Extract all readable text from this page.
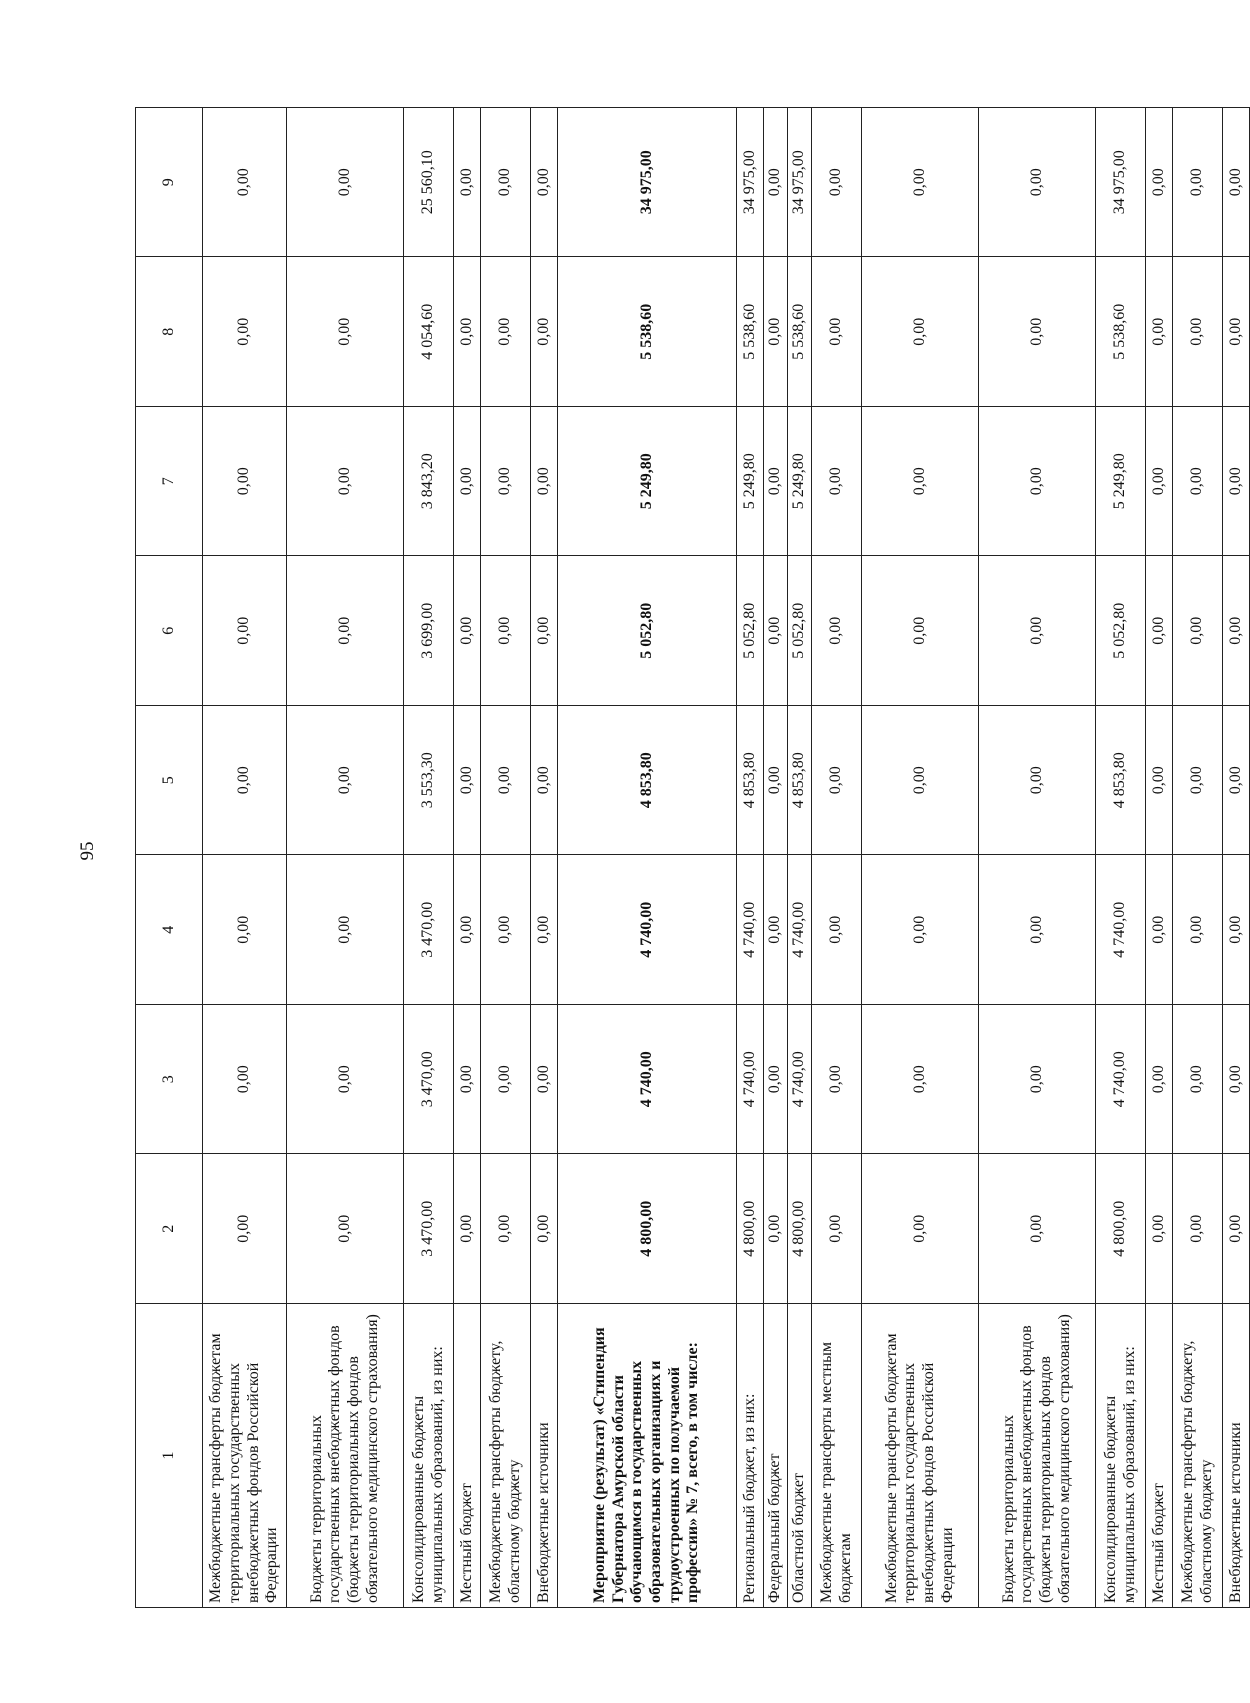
95
1	2	3	4	5	6	7	8	9
Межбюджетные трансферты бюджетам территориальных государственных внебюджетных фондов Российской Федерации	0,00	0,00	0,00	0,00	0,00	0,00	0,00	0,00
Бюджеты территориальных государственных внебюджетных фондов (бюджеты территориальных фондов обязательного медицинского страхования)	0,00	0,00	0,00	0,00	0,00	0,00	0,00	0,00
Консолидированные бюджеты муниципальных образований, из них:	3 470,00	3 470,00	3 470,00	3 553,30	3 699,00	3 843,20	4 054,60	25 560,10
Местный бюджет	0,00	0,00	0,00	0,00	0,00	0,00	0,00	0,00
Межбюджетные трансферты бюджету, областному бюджету	0,00	0,00	0,00	0,00	0,00	0,00	0,00	0,00
Внебюджетные источники	0,00	0,00	0,00	0,00	0,00	0,00	0,00	0,00
Мероприятие (результат) «Стипендия Губернатора Амурской области обучающимся в государственных образовательных организациях и трудоустроенных по получаемой профессии» № 7, всего, в том числе:	4 800,00	4 740,00	4 740,00	4 853,80	5 052,80	5 249,80	5 538,60	34 975,00
Региональный бюджет, из них:	4 800,00	4 740,00	4 740,00	4 853,80	5 052,80	5 249,80	5 538,60	34 975,00
Федеральный бюджет	0,00	0,00	0,00	0,00	0,00	0,00	0,00	0,00
Областной бюджет	4 800,00	4 740,00	4 740,00	4 853,80	5 052,80	5 249,80	5 538,60	34 975,00
Межбюджетные трансферты местным бюджетам	0,00	0,00	0,00	0,00	0,00	0,00	0,00	0,00
Межбюджетные трансферты бюджетам территориальных государственных внебюджетных фондов Российской Федерации	0,00	0,00	0,00	0,00	0,00	0,00	0,00	0,00
Бюджеты территориальных государственных внебюджетных фондов (бюджеты территориальных фондов обязательного медицинского страхования)	0,00	0,00	0,00	0,00	0,00	0,00	0,00	0,00
Консолидированные бюджеты муниципальных образований, из них:	4 800,00	4 740,00	4 740,00	4 853,80	5 052,80	5 249,80	5 538,60	34 975,00
Местный бюджет	0,00	0,00	0,00	0,00	0,00	0,00	0,00	0,00
Межбюджетные трансферты бюджету, областному бюджету	0,00	0,00	0,00	0,00	0,00	0,00	0,00	0,00
Внебюджетные источники	0,00	0,00	0,00	0,00	0,00	0,00	0,00	0,00
